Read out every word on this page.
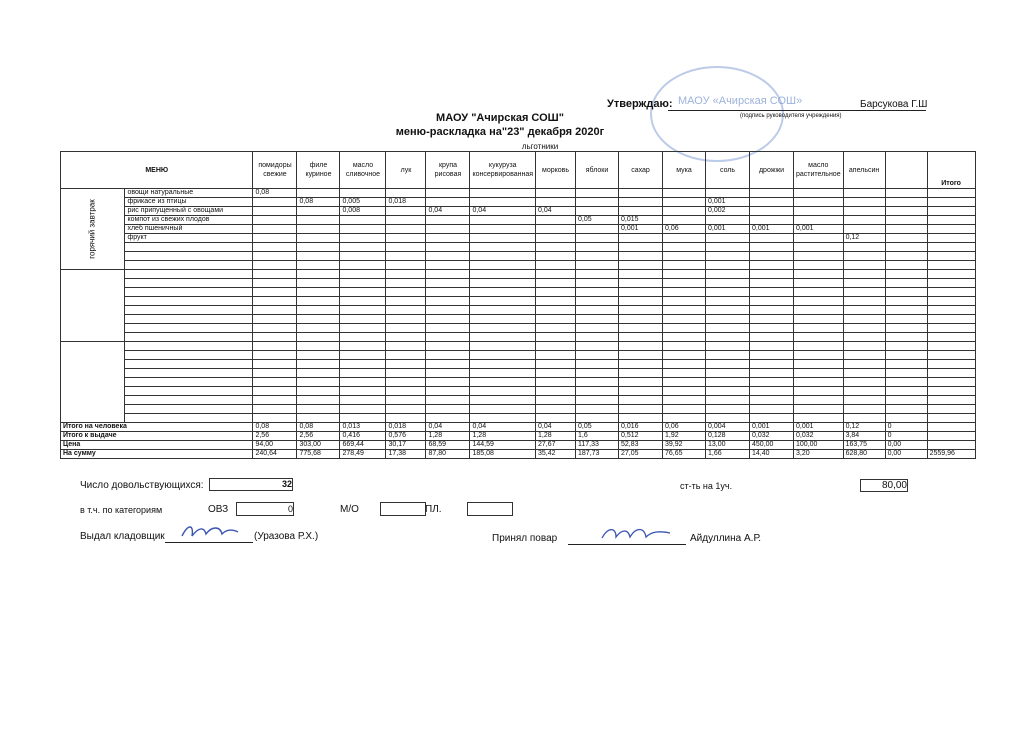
МАОУ «Ачирская СОШ»
Утверждаю:	Барсукова Г.Ш
(подпись руководителя учреждения)
МАОУ "Ачирская СОШ"
меню-раскладка на"23" декабря 2020г
льготники
МЕНЮ		помидоры свежие	филе куриное	масло сливочное	лук	крупа рисовая	кукуруза консервированная	морковь	яблоки	сахар	мука	соль	дрожжи	масло растительное	апельсин		Итого
горячий завтрак	овощи натуральные	0,08															
	фрикасе из птицы		0,08	0,005	0,018							0,001					
	рис припущенный с овощами			0,008		0,04	0,04	0,04				0,002					
	компот из свежих плодов								0,05	0,015							
	хлеб пшеничный									0,001	0,06	0,001	0,001	0,001			
	фрукт														0,12		

Итого на человека		0,08	0,08	0,013	0,018	0,04	0,04	0,04	0,05	0,016	0,06	0,004	0,001	0,001	0,12	0	
Итого к выдаче		2,56	2,56	0,416	0,576	1,28	1,28	1,28	1,6	0,512	1,92	0,128	0,032	0,032	3,84	0	
Цена		94,00	303,00	669,44	30,17	68,59	144,59	27,67	117,33	52,83	39,92	13,00	450,00	100,00	163,75	0,00	
На сумму		240,64	775,68	278,49	17,38	87,80	185,08	35,42	187,73	27,05	76,65	1,66	14,40	3,20	628,80	0,00	2559,96
Число довольствующихся:	32	ст-ть на 1уч.	80,00
в т.ч. по категориям	ОВЗ	0	М/О	ПЛ.
Выдал кладовщик	(Уразова Р.Х.)	Принял повар	Айдуллина А.Р.
